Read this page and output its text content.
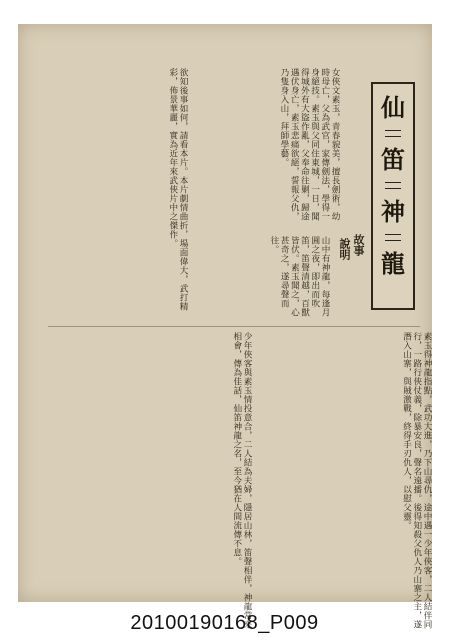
仙
笛
神
龍
故事
說明
女俠文素玉，青春貌美，擅長劍術，幼時母亡，父為武官，家傳劍法，學得一身絕技。素玉與父同住東城，一日，聞得城外有大盜作亂，父奉命往剿，歸途遇伏身亡，素玉悲痛欲絕，誓報父仇，乃隻身入山，拜師學藝。
山中有神龍，每逢月圓之夜，即出而吹笛，笛聲清越，百獸皆伏。素玉聞之，心甚奇之，遂尋聲而往。
欲知後事如何，請看本片。本片劇情曲折，場面偉大，武打精彩，佈景華麗，實為近年來武俠片中之傑作。
素玉得神龍指點，武功大進，乃下山尋仇，途中遇一少年俠客，二人結伴同行，一路行俠仗義，除暴安良，聲名遠播。後得知殺父仇人乃山寨之主，遂潛入山寨，與賊激戰，終得手刃仇人，以慰父靈。
少年俠客與素玉情投意合，二人結為夫婦，隱居山林，笛聲相伴，神龍常來相會，傳為佳話，仙笛神龍之名，至今猶在人間流傳不息。
20100190168_P009
